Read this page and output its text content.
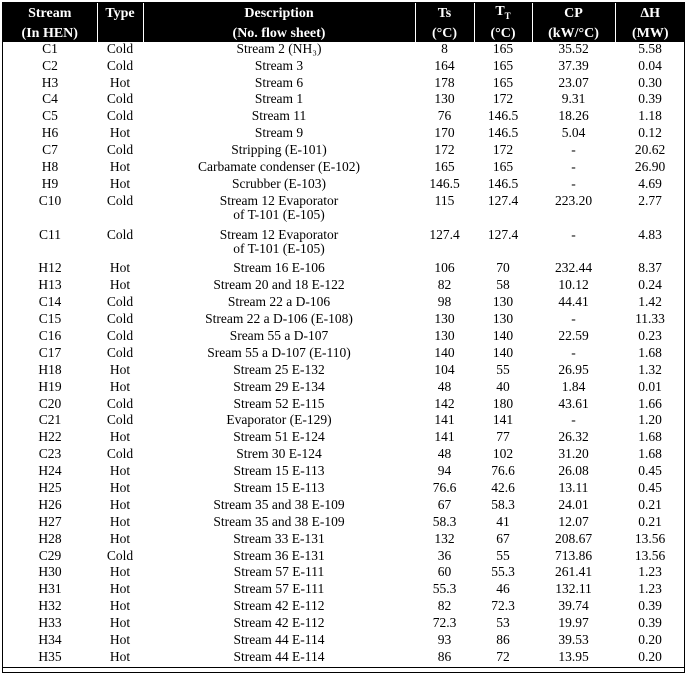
Stream	Type	Description	Ts	$T_T$	CP	ΔH
(In HEN)		(No. flow sheet)	(°C)	(°C)	(kW/°C)	(MW)
C1	Cold	Stream 2 (NH₃)	8	165	35.52	5.58
C2	Cold	Stream 3	164	165	37.39	0.04
H3	Hot	Stream 6	178	165	23.07	0.30
C4	Cold	Stream 1	130	172	9.31	0.39
C5	Cold	Stream 11	76	146.5	18.26	1.18
H6	Hot	Stream 9	170	146.5	5.04	0.12
C7	Cold	Stripping (E-101)	172	172	-	20.62
H8	Hot	Carbamate condenser (E-102)	165	165	-	26.90
H9	Hot	Scrubber (E-103)	146.5	146.5	-	4.69
C10	Cold	Stream 12 Evaporator
of T-101 (E-105)	115	127.4	223.20	2.77
C11	Cold	Stream 12 Evaporator
of T-101 (E-105)	127.4	127.4	-	4.83
H12	Hot	Stream 16 E-106	106	70	232.44	8.37
H13	Hot	Stream 20 and 18 E-122	82	58	10.12	0.24
C14	Cold	Stream 22 a D-106	98	130	44.41	1.42
C15	Cold	Stream 22 a D-106 (E-108)	130	130	-	11.33
C16	Cold	Sream 55 a D-107	130	140	22.59	0.23
C17	Cold	Sream 55 a D-107 (E-110)	140	140	-	1.68
H18	Hot	Stream 25 E-132	104	55	26.95	1.32
H19	Hot	Stream 29 E-134	48	40	1.84	0.01
C20	Cold	Stream 52 E-115	142	180	43.61	1.66
C21	Cold	Evaporator (E-129)	141	141	-	1.20
H22	Hot	Stream 51 E-124	141	77	26.32	1.68
C23	Cold	Strem 30 E-124	48	102	31.20	1.68
H24	Hot	Stream 15 E-113	94	76.6	26.08	0.45
H25	Hot	Stream 15 E-113	76.6	42.6	13.11	0.45
H26	Hot	Stream 35 and 38 E-109	67	58.3	24.01	0.21
H27	Hot	Stream 35 and 38 E-109	58.3	41	12.07	0.21
H28	Hot	Stream 33 E-131	132	67	208.67	13.56
C29	Cold	Stream 36 E-131	36	55	713.86	13.56
H30	Hot	Stream 57 E-111	60	55.3	261.41	1.23
H31	Hot	Stream 57 E-111	55.3	46	132.11	1.23
H32	Hot	Stream 42 E-112	82	72.3	39.74	0.39
H33	Hot	Stream 42 E-112	72.3	53	19.97	0.39
H34	Hot	Stream 44 E-114	93	86	39.53	0.20
H35	Hot	Stream 44 E-114	86	72	13.95	0.20
